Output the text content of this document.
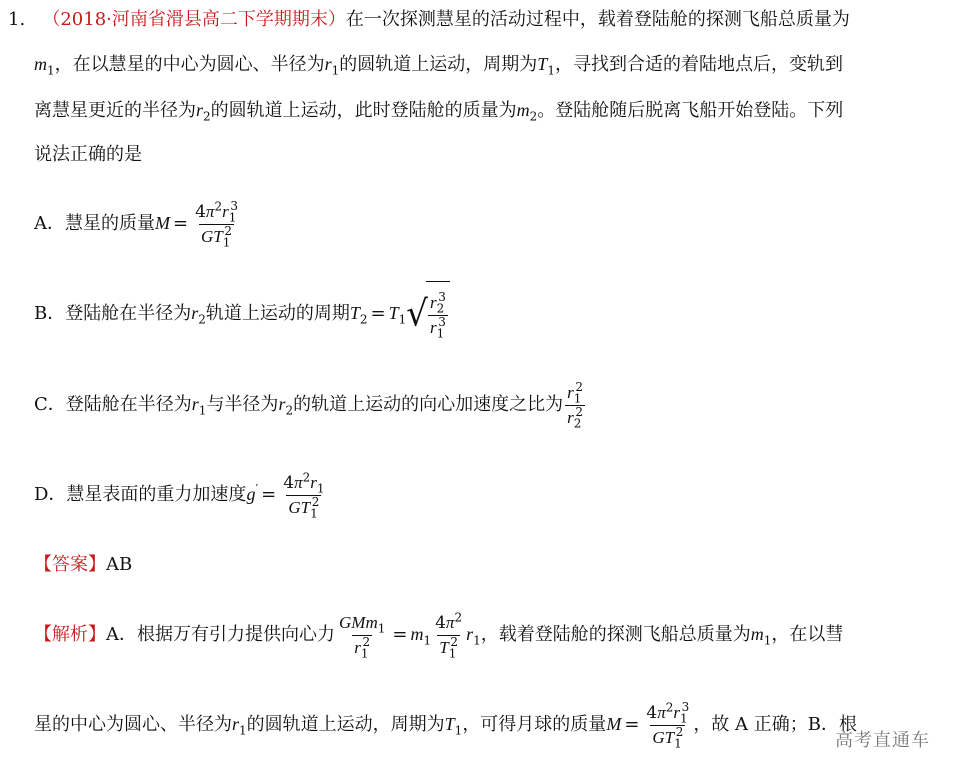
1. （2018·河南省滑县高二下学期期末）在一次探测慧星的活动过程中，载着登陆舱的探测飞船总质量为
$m_1$，在以慧星的中心为圆心、半径为$r_1$的圆轨道上运动，周期为$T_1$，寻找到合适的着陆地点后，变轨到
离慧星更近的半径为$r_2$的圆轨道上运动，此时登陆舱的质量为$m_2$。登陆舱随后脱离飞船开始登陆。下列
说法正确的是
A．慧星的质量$M = \frac{4\pi^2r_1^3}{GT_1^2}$
B．登陆舱在半径为$r_2$轨道上运动的周期$T_2 = T_1$ √ $\frac{r_2^3}{r_1^3}$
C．登陆舱在半径为$r_1$与半径为$r_2$的轨道上运动的向心加速度之比为 $\frac{r_1^2}{r_2^2}$
D．慧星表面的重力加速度$g' = \frac{4\pi^2r_1}{GT_1^2}$
【答案】AB
【解析】A．根据万有引力提供向心力 $\frac{GMm_1}{r_1^2} = m_1 \frac{4\pi^2}{T_1^2} r_1$，载着登陆舱的探测飞船总质量为$m_1$，在以彗
星的中心为圆心、半径为$r_1$的圆轨道上运动，周期为$T_1$，可得月球的质量$M = \frac{4\pi^2r_1^3}{GT_1^2}$ ，故 A 正确；B．根
高考直通车
